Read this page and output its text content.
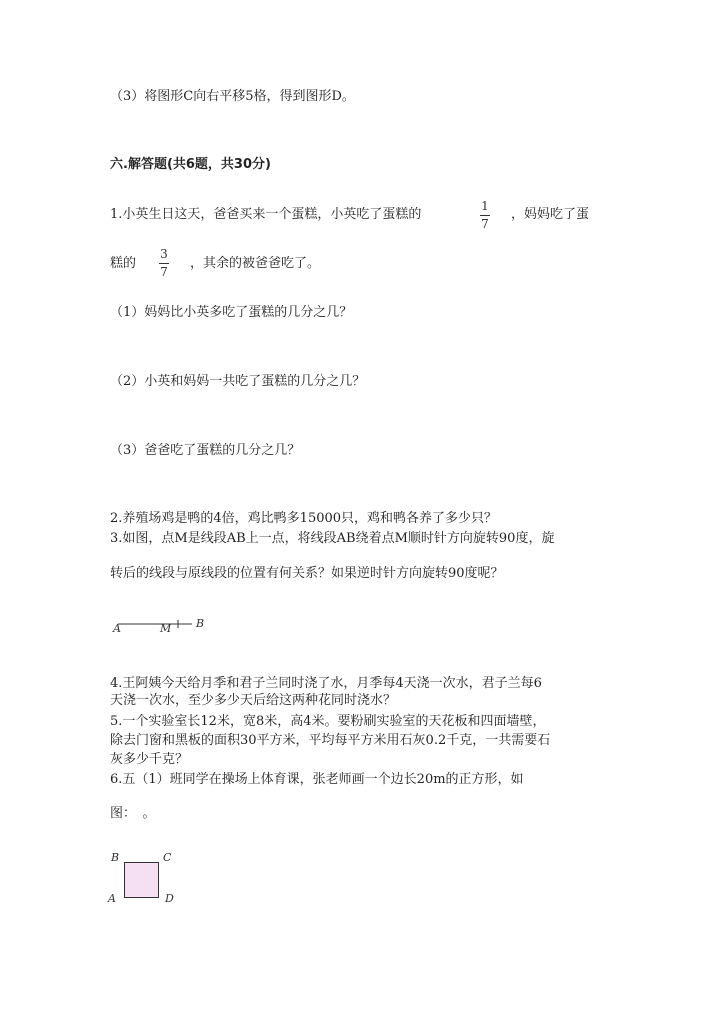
（3）将图形C向右平移5格，得到图形D。
六.解答题(共6题，共30分)
1.小英生日这天，爸爸买来一个蛋糕，小英吃了蛋糕的
1
7
，妈妈吃了蛋
糕的
3
7
，其余的被爸爸吃了。
（1）妈妈比小英多吃了蛋糕的几分之几？
（2）小英和妈妈一共吃了蛋糕的几分之几？
（3）爸爸吃了蛋糕的几分之几？
2.养殖场鸡是鸭的4倍，鸡比鸭多15000只，鸡和鸭各养了多少只？
3.如图，点M是线段AB上一点，将线段AB绕着点M顺时针方向旋转90度，旋
转后的线段与原线段的位置有何关系？如果逆时针方向旋转90度呢？
A	M B
4.王阿姨今天给月季和君子兰同时浇了水，月季每4天浇一次水，君子兰每6
天浇一次水，至少多少天后给这两种花同时浇水？
5.一个实验室长12米，宽8米，高4米。要粉刷实验室的天花板和四面墙壁，
除去门窗和黑板的面积30平方米，平均每平方米用石灰0.2千克，一共需要石
灰多少千克？
6.五（1）班同学在操场上体育课，张老师画一个边长20m的正方形，如
图：　。
B	C
A	D
